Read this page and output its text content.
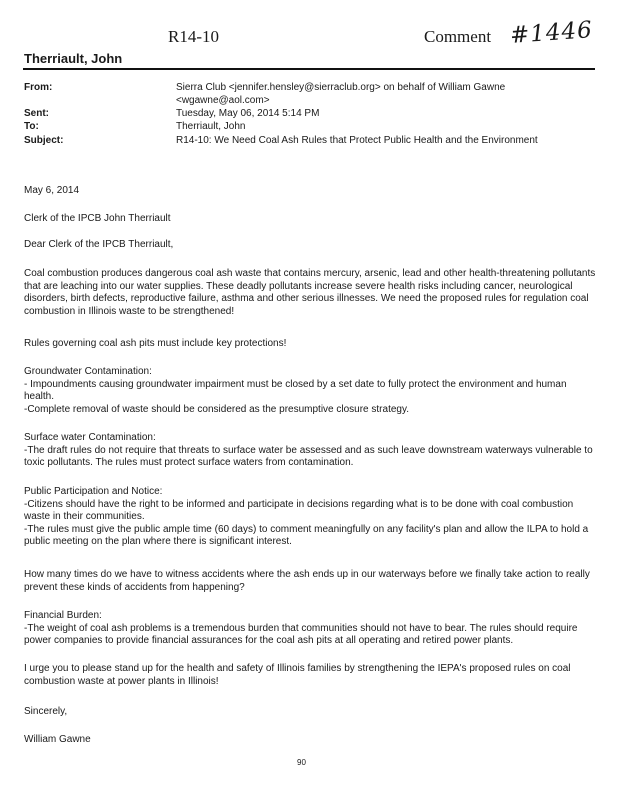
R14-10	Comment #1446
Therriault, John
From:	Sierra Club <jennifer.hensley@sierraclub.org> on behalf of William Gawne <wgawne@aol.com>
Sent:	Tuesday, May 06, 2014 5:14 PM
To:	Therriault, John
Subject:	R14-10: We Need Coal Ash Rules that Protect Public Health and the Environment

May 6, 2014

Clerk of the IPCB John Therriault

Dear Clerk of the IPCB Therriault,

Coal combustion produces dangerous coal ash waste that contains mercury, arsenic, lead and other health-threatening pollutants that are leaching into our water supplies. These deadly pollutants increase severe health risks including cancer, neurological disorders, birth defects, reproductive failure, asthma and other serious illnesses. We need the proposed rules for regulation coal combustion in Illinois waste to be strengthened!

Rules governing coal ash pits must include key protections!

Groundwater Contamination:

- Impoundments causing groundwater impairment must be closed by a set date to fully protect the environment and human health.

-Complete removal of waste should be considered as the presumptive closure strategy.

Surface water Contamination:

-The draft rules do not require that threats to surface water be assessed and as such leave downstream waterways vulnerable to toxic pollutants. The rules must protect surface waters from contamination.

Public Participation and Notice:

-Citizens should have the right to be informed and participate in decisions regarding what is to be done with coal combustion waste in their communities.

-The rules must give the public ample time (60 days) to comment meaningfully on any facility's plan and allow the ILPA to hold a public meeting on the plan where there is significant interest.

How many times do we have to witness accidents where the ash ends up in our waterways before we finally take action to really prevent these kinds of accidents from happening?

Financial Burden:

-The weight of coal ash problems is a tremendous burden that communities should not have to bear. The rules should require power companies to provide financial assurances for the coal ash pits at all operating and retired power plants.

I urge you to please stand up for the health and safety of Illinois families by strengthening the IEPA's proposed rules on coal combustion waste at power plants in Illinois!

Sincerely,

William Gawne

90
